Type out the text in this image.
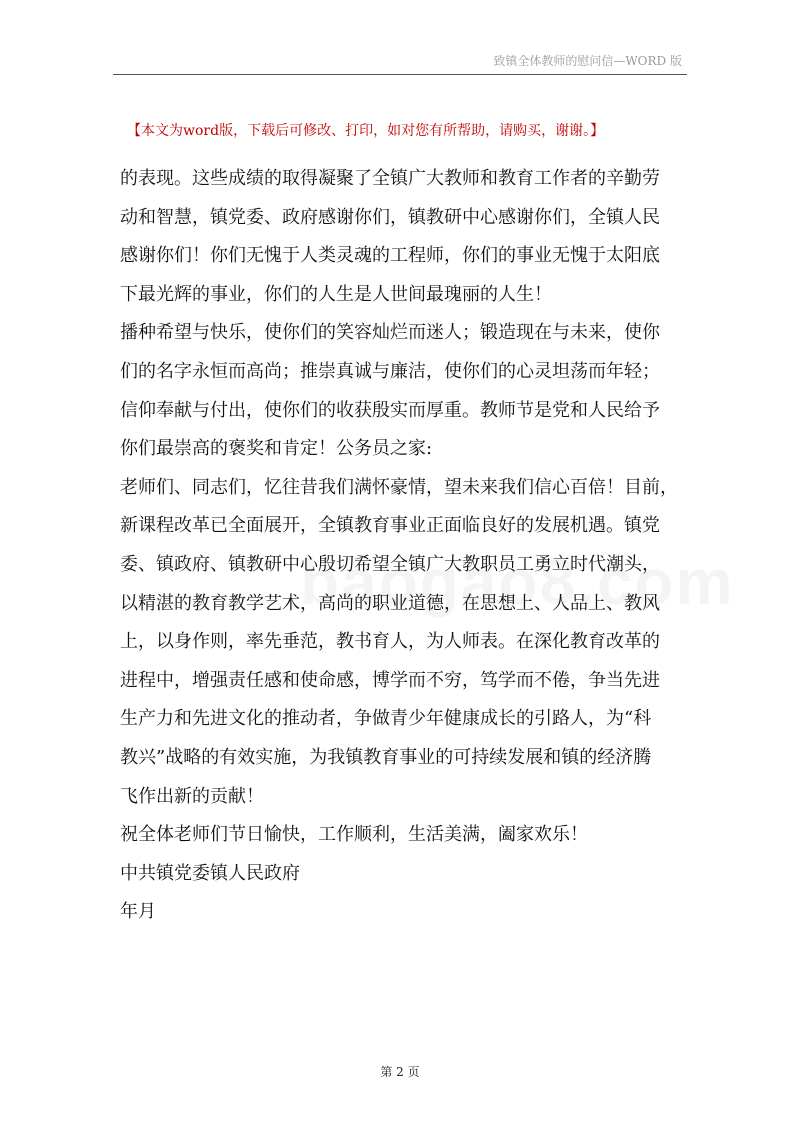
致镇全体教师的慰问信—WORD 版
【本文为word版，下载后可修改、打印，如对您有所帮助，请购买，谢谢。】
的表现。这些成绩的取得凝聚了全镇广大教师和教育工作者的辛勤劳
动和智慧，镇党委、政府感谢你们，镇教研中心感谢你们，全镇人民
感谢你们！你们无愧于人类灵魂的工程师，你们的事业无愧于太阳底
下最光辉的事业，你们的人生是人世间最瑰丽的人生！
播种希望与快乐，使你们的笑容灿烂而迷人；锻造现在与未来，使你
们的名字永恒而高尚；推崇真诚与廉洁，使你们的心灵坦荡而年轻；
信仰奉献与付出，使你们的收获殷实而厚重。教师节是党和人民给予
你们最崇高的褒奖和肯定！公务员之家:
老师们、同志们，忆往昔我们满怀豪情，望未来我们信心百倍！目前，
新课程改革已全面展开，全镇教育事业正面临良好的发展机遇。镇党
委、镇政府、镇教研中心殷切希望全镇广大教职员工勇立时代潮头，
以精湛的教育教学艺术，高尚的职业道德，在思想上、人品上、教风
上，以身作则，率先垂范，教书育人，为人师表。在深化教育改革的
进程中，增强责任感和使命感，博学而不穷，笃学而不倦，争当先进
生产力和先进文化的推动者，争做青少年健康成长的引路人，为“科
教兴”战略的有效实施，为我镇教育事业的可持续发展和镇的经济腾
飞作出新的贡献！
祝全体老师们节日愉快，工作顺利，生活美满，阖家欢乐！
中共镇党委镇人民政府
年月
第 2 页
